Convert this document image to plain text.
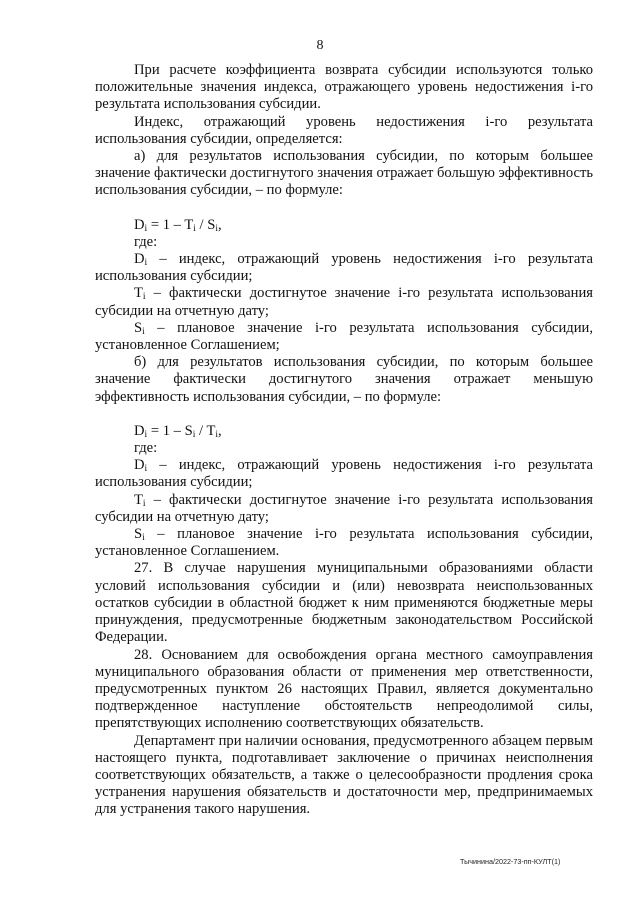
8

При расчете коэффициента возврата субсидии используются только положительные значения индекса, отражающего уровень недостижения i-го результата использования субсидии.

Индекс, отражающий уровень недостижения i-го результата использования субсидии, определяется:

а) для результатов использования субсидии, по которым большее значение фактически достигнутого значения отражает большую эффективность использования субсидии, – по формуле:

$D_i = 1 - T_i / S_i$,

где:

$D_i$ – индекс, отражающий уровень недостижения i-го результата использования субсидии;

$T_i$ – фактически достигнутое значение i-го результата использования субсидии на отчетную дату;

$S_i$ – плановое значение i-го результата использования субсидии, установленное Соглашением;

б) для результатов использования субсидии, по которым большее значение фактически достигнутого значения отражает меньшую эффективность использования субсидии, – по формуле:

$D_i = 1 - S_i / T_i$,

где:

$D_i$ – индекс, отражающий уровень недостижения i-го результата использования субсидии;

$T_i$ – фактически достигнутое значение i-го результата использования субсидии на отчетную дату;

$S_i$ – плановое значение i-го результата использования субсидии, установленное Соглашением.

27. В случае нарушения муниципальными образованиями области условий использования субсидии и (или) невозврата неиспользованных остатков субсидии в областной бюджет к ним применяются бюджетные меры принуждения, предусмотренные бюджетным законодательством Российской Федерации.

28. Основанием для освобождения органа местного самоуправления муниципального образования области от применения мер ответственности, предусмотренных пунктом 26 настоящих Правил, является документально подтвержденное наступление обстоятельств непреодолимой силы, препятствующих исполнению соответствующих обязательств.

Департамент при наличии основания, предусмотренного абзацем первым настоящего пункта, подготавливает заключение о причинах неисполнения соответствующих обязательств, а также о целесообразности продления срока устранения нарушения обязательств и достаточности мер, предпринимаемых для устранения такого нарушения.

Тычинина/2022-73-пп-КУЛТ(1)
